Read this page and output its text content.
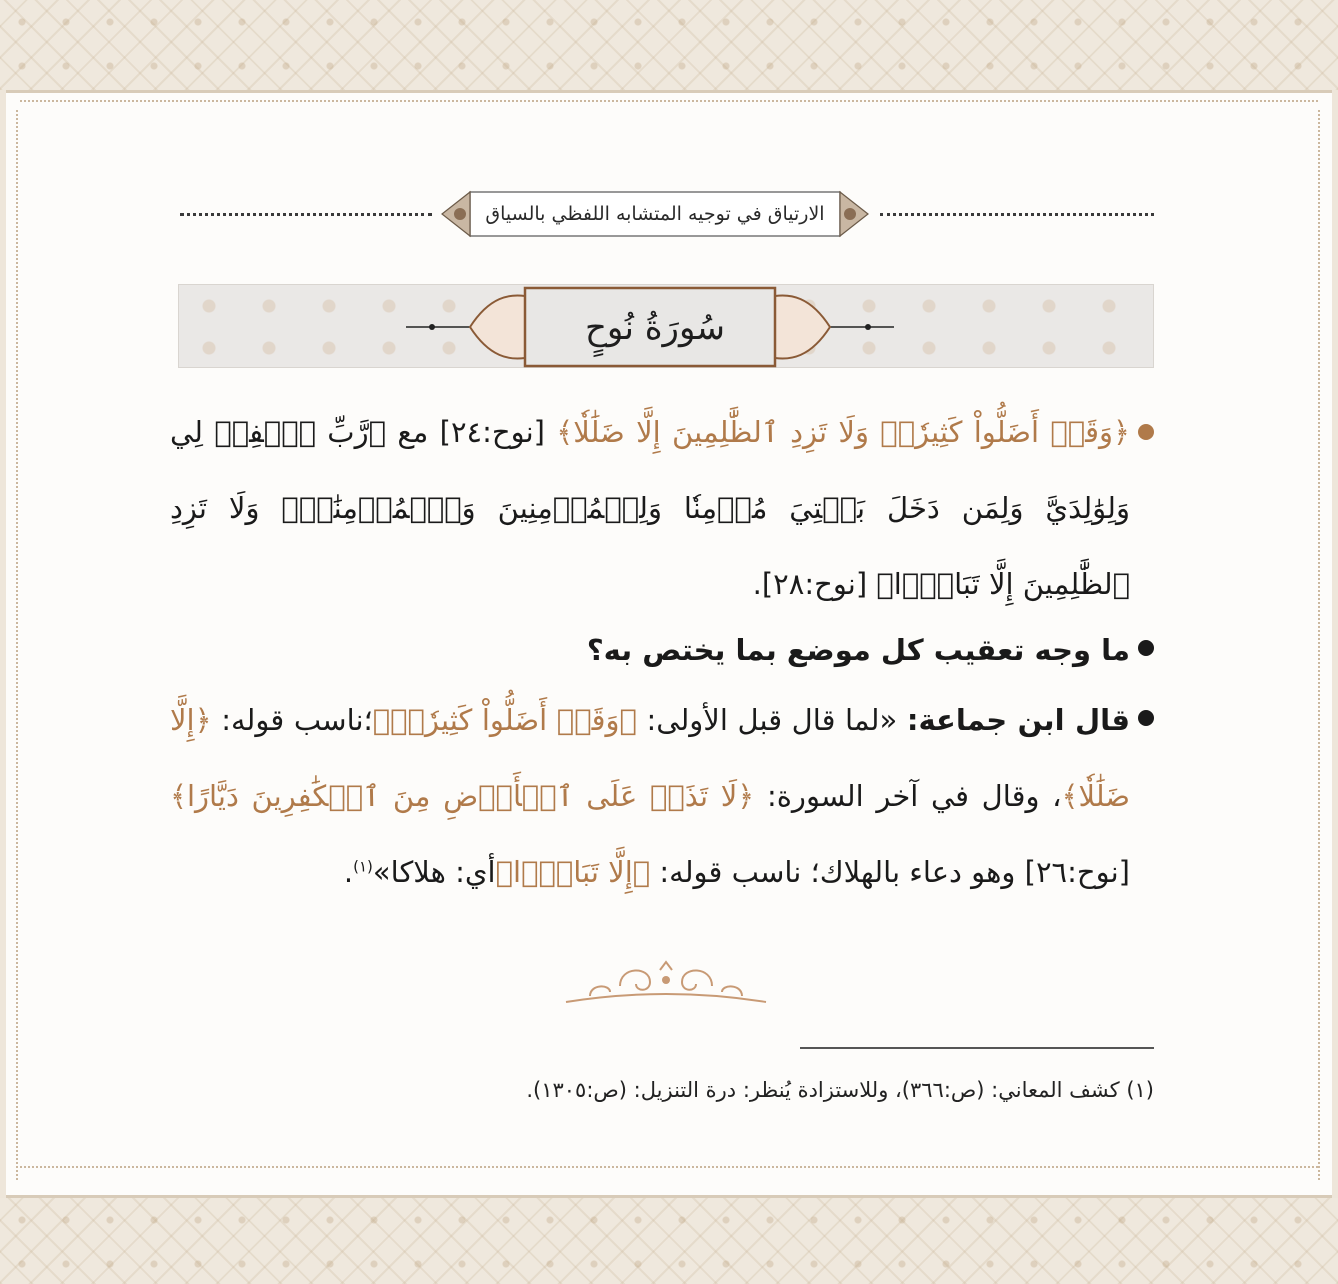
الارتياق في توجيه المتشابه اللفظي بالسياق
سُورَةُ نُوحٍ
﴿وَقَدۡ أَضَلُّواْ كَثِيرٗاۖ وَلَا تَزِدِ ٱلظَّٰلِمِينَ إِلَّا ضَلَٰلٗا﴾ [نوح:٢٤] مع ﴿رَّبِّ ٱغۡفِرۡ لِي وَلِوَٰلِدَيَّ وَلِمَن دَخَلَ بَيۡتِيَ مُؤۡمِنٗا وَلِلۡمُؤۡمِنِينَ وَٱلۡمُؤۡمِنَٰتِۖ وَلَا تَزِدِ ٱلظَّٰلِمِينَ إِلَّا تَبَارَۢا﴾ [نوح:٢٨].
ما وجه تعقيب كل موضع بما يختص به؟
قال ابن جماعة: «لما قال قبل الأولى: ﴿وَقَدۡ أَضَلُّواْ كَثِيرٗاۖ﴾؛ناسب قوله: ﴿إِلَّا ضَلَٰلٗا﴾، وقال في آخر السورة: ﴿لَا تَذَرۡ عَلَى ٱلۡأَرۡضِ مِنَ ٱلۡكَٰفِرِينَ دَيَّارًا﴾ [نوح:٢٦] وهو دعاء بالهلاك؛ ناسب قوله: ﴿إِلَّا تَبَارَۢا﴾أي: هلاكا»$^{(١)}$.
(١) كشف المعاني: (ص:٣٦٦)، وللاستزادة يُنظر: درة التنزيل: (ص:١٣٠٥).
